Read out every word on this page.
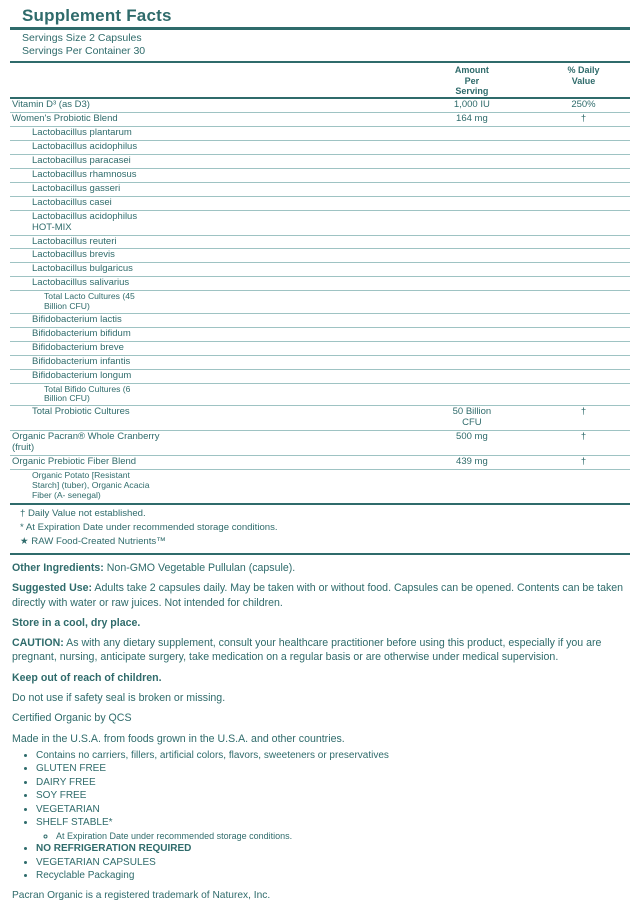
Supplement Facts
Servings Size 2 Capsules
Servings Per Container 30
	Amount
Per
Serving	% Daily
Value
Vitamin D³ (as D3)	1,000 IU	250%
Women's Probiotic Blend	164 mg	†
Lactobacillus plantarum		
Lactobacillus acidophilus		
Lactobacillus paracasei		
Lactobacillus rhamnosus		
Lactobacillus gasseri		
Lactobacillus casei		
Lactobacillus acidophilus
HOT-MIX		
Lactobacillus reuteri		
Lactobacillus brevis		
Lactobacillus bulgaricus		
Lactobacillus salivarius		
Total Lacto Cultures (45
Billion CFU)		
Bifidobacterium lactis		
Bifidobacterium bifidum		
Bifidobacterium breve		
Bifidobacterium infantis		
Bifidobacterium longum		
Total Bifido Cultures (6
Billion CFU)		
Total Probiotic Cultures	50 Billion
CFU	†
Organic Pacran® Whole Cranberry
(fruit)	500 mg	†
Organic Prebiotic Fiber Blend	439 mg	†
Organic Potato [Resistant
Starch] (tuber), Organic Acacia
Fiber (A‐ senegal)		
† Daily Value not established.
* At Expiration Date under recommended storage conditions.
★ RAW Food-Created Nutrients™
Other Ingredients: Non-GMO Vegetable Pullulan (capsule).
Suggested Use: Adults take 2 capsules daily. May be taken with or without food. Capsules can be opened. Contents can be taken directly with water or raw juices. Not intended for children.
Store in a cool, dry place.
CAUTION: As with any dietary supplement, consult your healthcare practitioner before using this product, especially if you are pregnant, nursing, anticipate surgery, take medication on a regular basis or are otherwise under medical supervision.
Keep out of reach of children.
Do not use if safety seal is broken or missing.
Certified Organic by QCS
Made in the U.S.A. from foods grown in the U.S.A. and other countries.
• Contains no carriers, fillers, artificial colors, flavors, sweeteners or preservatives
• GLUTEN FREE
• DAIRY FREE
• SOY FREE
• VEGETARIAN
• SHELF STABLE*
◦ At Expiration Date under recommended storage conditions.
• NO REFRIGERATION REQUIRED
• VEGETARIAN CAPSULES
• Recyclable Packaging
Pacran Organic is a registered trademark of Naturex, Inc.
